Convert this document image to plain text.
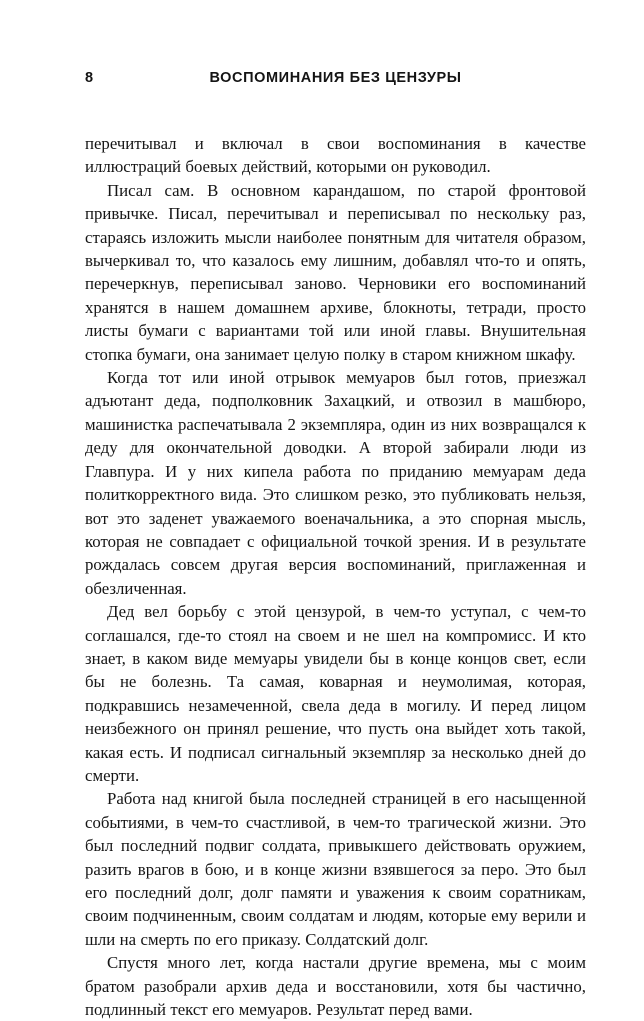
8	ВОСПОМИНАНИЯ БЕЗ ЦЕНЗУРЫ

перечитывал и включал в свои воспоминания в качестве иллюстраций боевых действий, которыми он руководил.

Писал сам. В основном карандашом, по старой фронтовой привычке. Писал, перечитывал и переписывал по нескольку раз, стараясь изложить мысли наиболее понятным для читателя образом, вычеркивал то, что казалось ему лишним, добавлял что-то и опять, перечеркнув, переписывал заново. Черновики его воспоминаний хранятся в нашем домашнем архиве, блокноты, тетради, просто листы бумаги с вариантами той или иной главы. Внушительная стопка бумаги, она занимает целую полку в старом книжном шкафу.

Когда тот или иной отрывок мемуаров был готов, приезжал адъютант деда, подполковник Захацкий, и отвозил в машбюро, машинистка распечатывала 2 экземпляра, один из них возвращался к деду для окончательной доводки. А второй забирали люди из Главпура. И у них кипела работа по приданию мемуарам деда политкорректного вида. Это слишком резко, это публиковать нельзя, вот это заденет уважаемого военачальника, а это спорная мысль, которая не совпадает с официальной точкой зрения. И в результате рождалась совсем другая версия воспоминаний, приглаженная и обезличенная.

Дед вел борьбу с этой цензурой, в чем-то уступал, с чем-то соглашался, где-то стоял на своем и не шел на компромисс. И кто знает, в каком виде мемуары увидели бы в конце концов свет, если бы не болезнь. Та самая, коварная и неумолимая, которая, подкравшись незамеченной, свела деда в могилу. И перед лицом неизбежного он принял решение, что пусть она выйдет хоть такой, какая есть. И подписал сигнальный экземпляр за несколько дней до смерти.

Работа над книгой была последней страницей в его насыщенной событиями, в чем-то счастливой, в чем-то трагической жизни. Это был последний подвиг солдата, привыкшего действовать оружием, разить врагов в бою, и в конце жизни взявшегося за перо. Это был его последний долг, долг памяти и уважения к своим соратникам, своим подчиненным, своим солдатам и людям, которые ему верили и шли на смерть по его приказу. Солдатский долг.

Спустя много лет, когда настали другие времена, мы с моим братом разобрали архив деда и восстановили, хотя бы частично, подлинный текст его мемуаров. Результат перед вами.
